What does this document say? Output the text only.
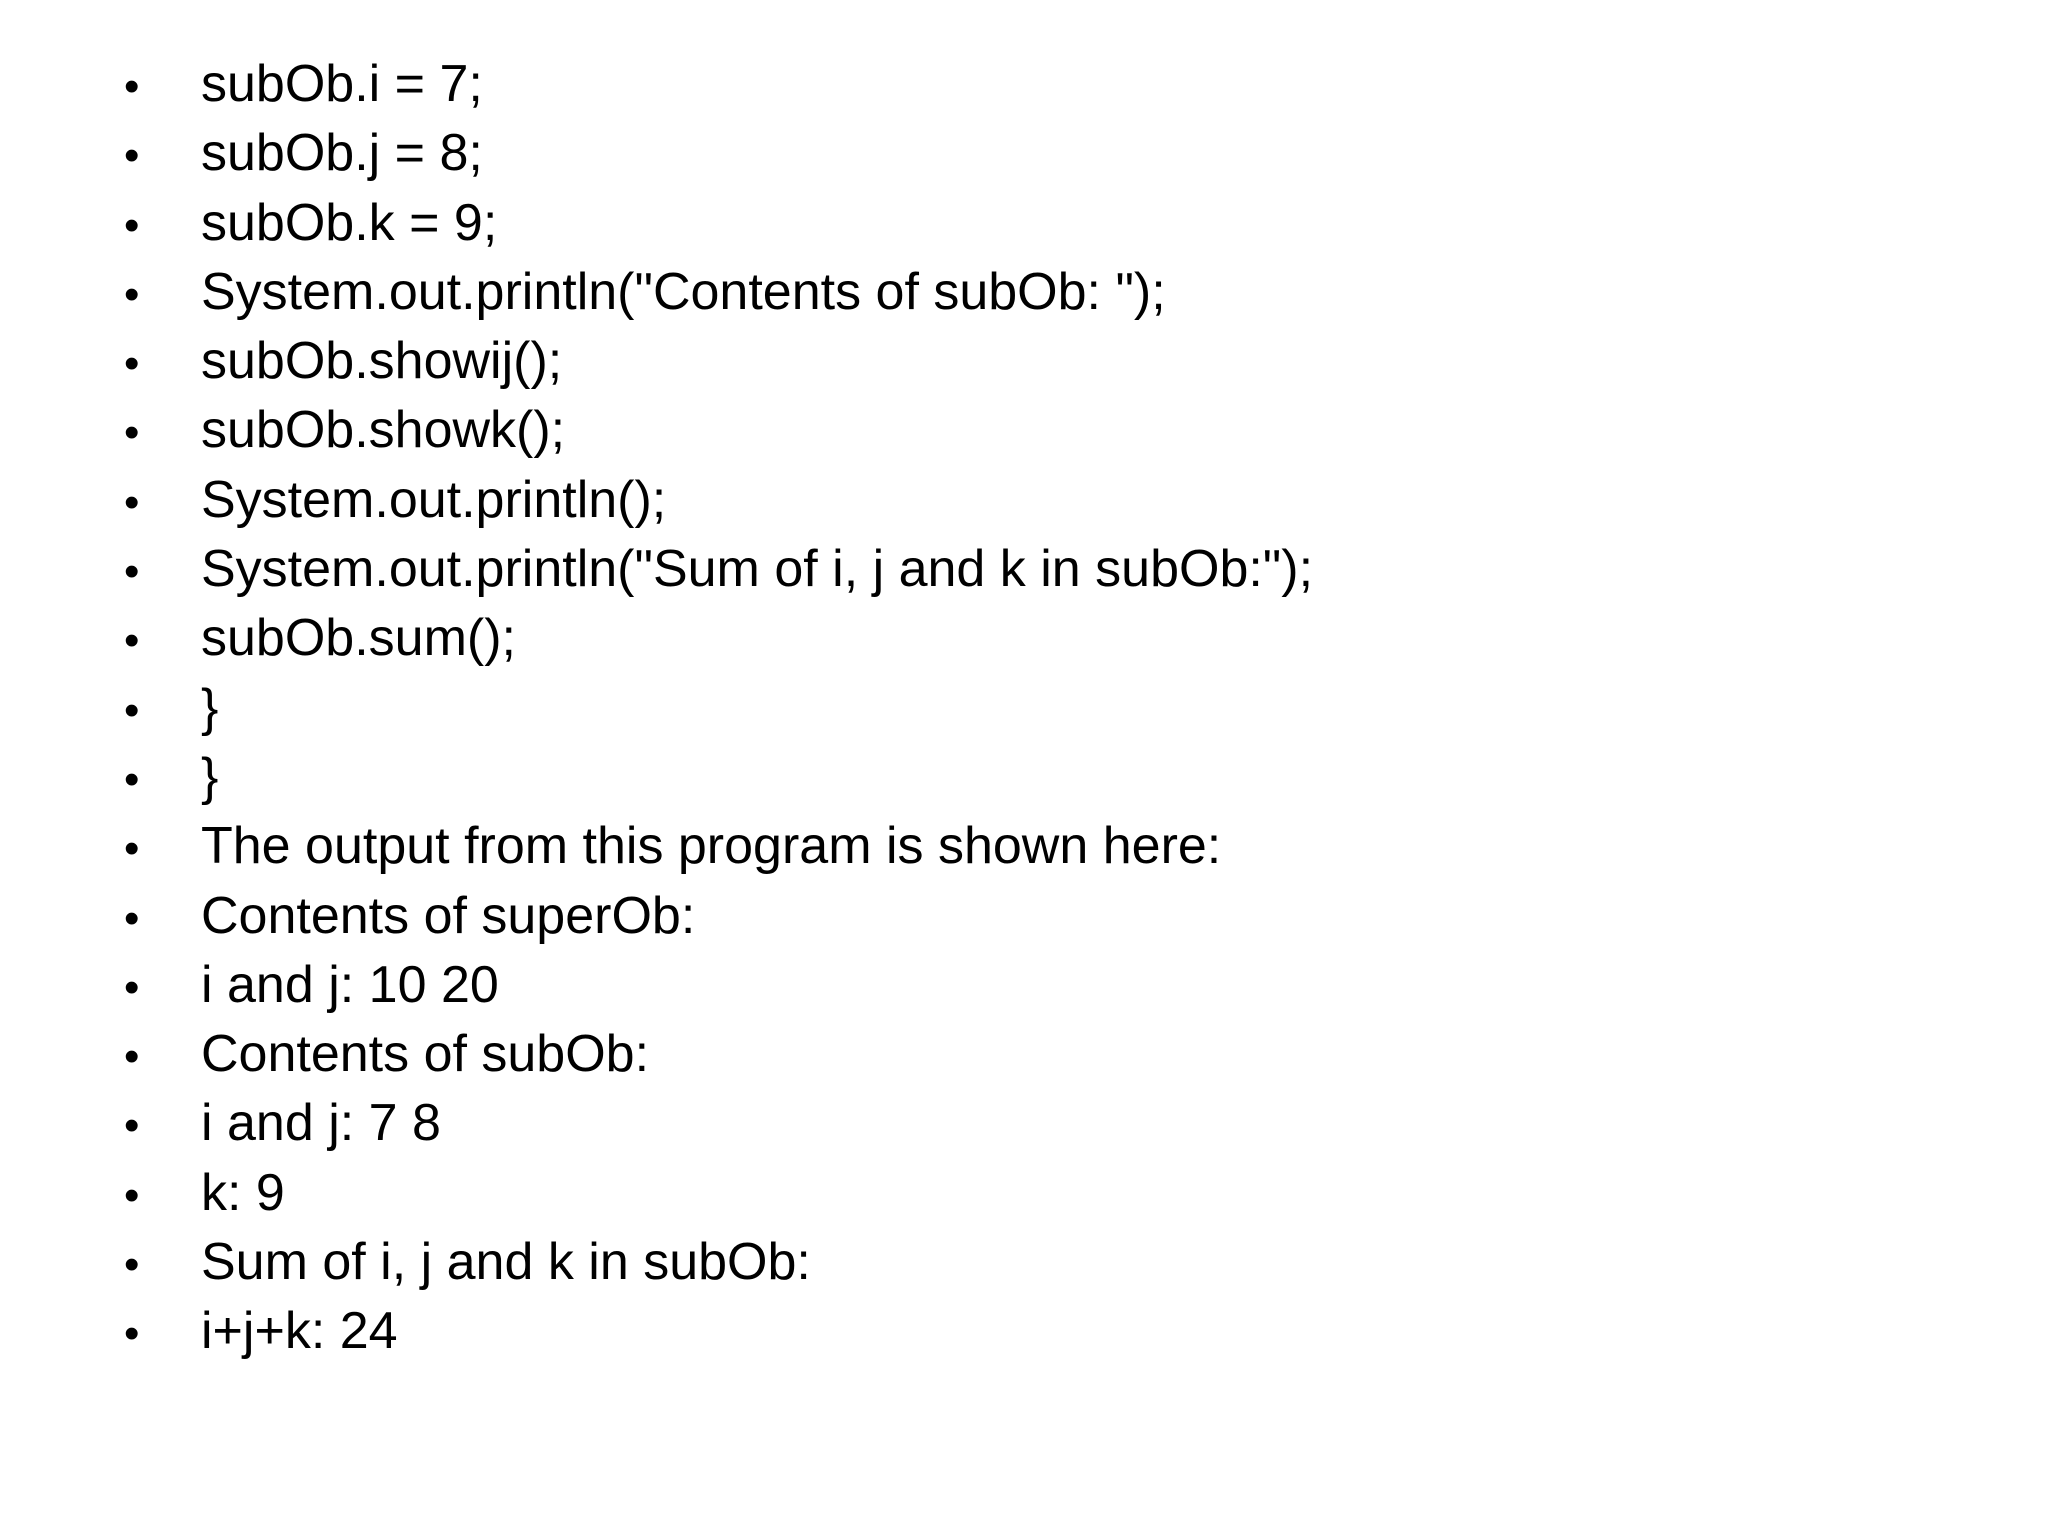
•	subOb.i = 7;
•	subOb.j = 8;
•	subOb.k = 9;
•	System.out.println("Contents of subOb: ");
•	subOb.showij();
•	subOb.showk();
•	System.out.println();
•	System.out.println("Sum of i, j and k in subOb:");
•	subOb.sum();
•	}
•	}
•	The output from this program is shown here:
•	Contents of superOb:
•	i and j: 10 20
•	Contents of subOb:
•	i and j: 7 8
•	k: 9
•	Sum of i, j and k in subOb:
•	i+j+k: 24
